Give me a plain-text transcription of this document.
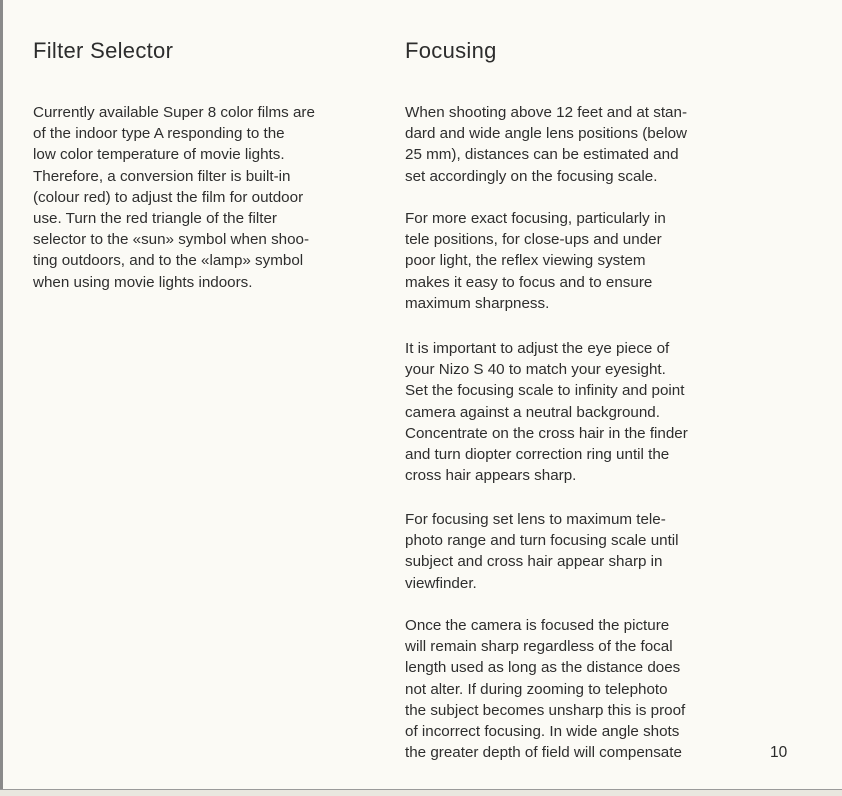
Filter Selector
Currently available Super 8 color films are
of the indoor type A responding to the
low color temperature of movie lights.
Therefore, a conversion filter is built-in
(colour red) to adjust the film for outdoor
use. Turn the red triangle of the filter
selector to the «sun» symbol when shoo-
ting outdoors, and to the «lamp» symbol
when using movie lights indoors.
Focusing
When shooting above 12 feet and at stan-
dard and wide angle lens positions (below
25 mm), distances can be estimated and
set accordingly on the focusing scale.
For more exact focusing, particularly in
tele positions, for close-ups and under
poor light, the reflex viewing system
makes it easy to focus and to ensure
maximum sharpness.
It is important to adjust the eye piece of
your Nizo S 40 to match your eyesight.
Set the focusing scale to infinity and point
camera against a neutral background.
Concentrate on the cross hair in the finder
and turn diopter correction ring until the
cross hair appears sharp.
For focusing set lens to maximum tele-
photo range and turn focusing scale until
subject and cross hair appear sharp in
viewfinder.
Once the camera is focused the picture
will remain sharp regardless of the focal
length used as long as the distance does
not alter. If during zooming to telephoto
the subject becomes unsharp this is proof
of incorrect focusing. In wide angle shots
the greater depth of field will compensate	10
